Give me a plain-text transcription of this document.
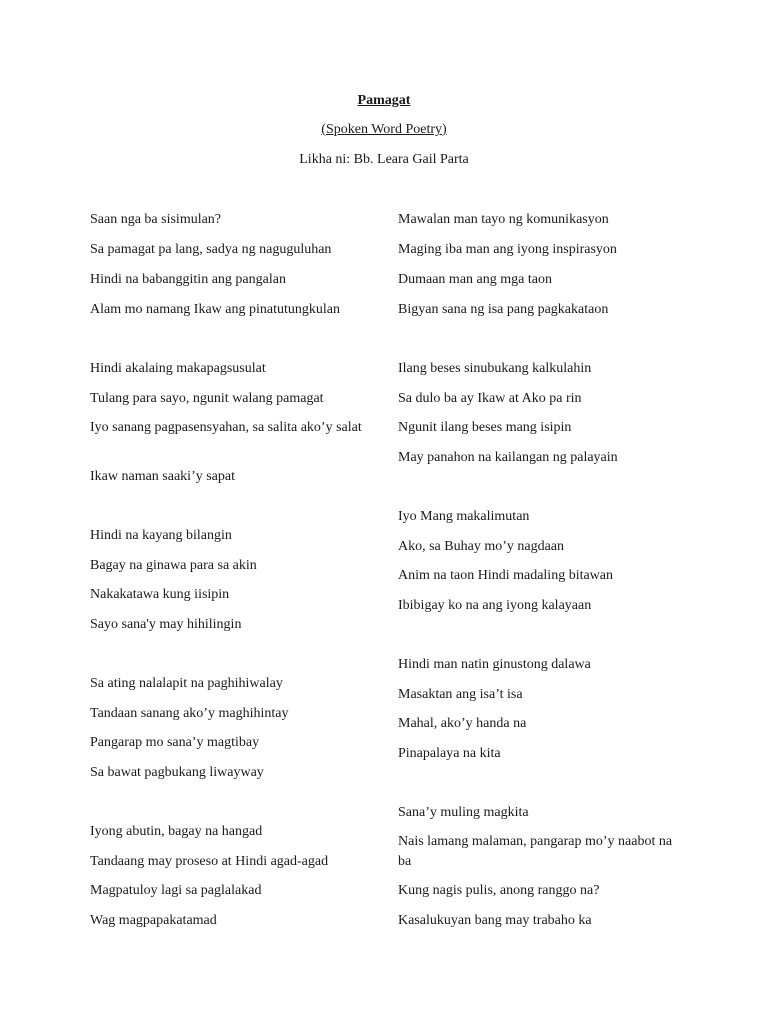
Pamagat
(Spoken Word Poetry)
Likha ni: Bb. Leara Gail Parta
Saan nga ba sisimulan?
Sa pamagat pa lang, sadya ng naguguluhan
Hindi na babanggitin ang pangalan
Alam mo namang Ikaw ang pinatutungkulan
Hindi akalaing makapagsusulat
Tulang para sayo, ngunit walang pamagat
Iyo sanang pagpasensyahan, sa salita ako’y salat
Ikaw naman saaki’y sapat
Hindi na kayang bilangin
Bagay na ginawa para sa akin
Nakakatawa kung iisipin
Sayo sana'y may hihilingin
Sa ating nalalapit na paghihiwalay
Tandaan sanang ako’y maghihintay
Pangarap mo sana’y magtibay
Sa bawat pagbukang liwayway
Iyong abutin, bagay na hangad
Tandaang may proseso at Hindi agad-agad
Magpatuloy lagi sa paglalakad
Wag magpapakatamad
Mawalan man tayo ng komunikasyon
Maging iba man ang iyong inspirasyon
Dumaan man ang mga taon
Bigyan sana ng isa pang pagkakataon
Ilang beses sinubukang kalkulahin
Sa dulo ba ay Ikaw at Ako pa rin
Ngunit ilang beses mang isipin
May panahon na kailangan ng palayain
Iyo Mang makalimutan
Ako, sa Buhay mo’y nagdaan
Anim na taon Hindi madaling bitawan
Ibibigay ko na ang iyong kalayaan
Hindi man natin ginustong dalawa
Masaktan ang isa’t isa
Mahal, ako’y handa na
Pinapalaya na kita
Sana’y muling magkita
Nais lamang malaman, pangarap mo’y naabot na ba
Kung nagis pulis, anong ranggo na?
Kasalukuyan bang may trabaho ka
